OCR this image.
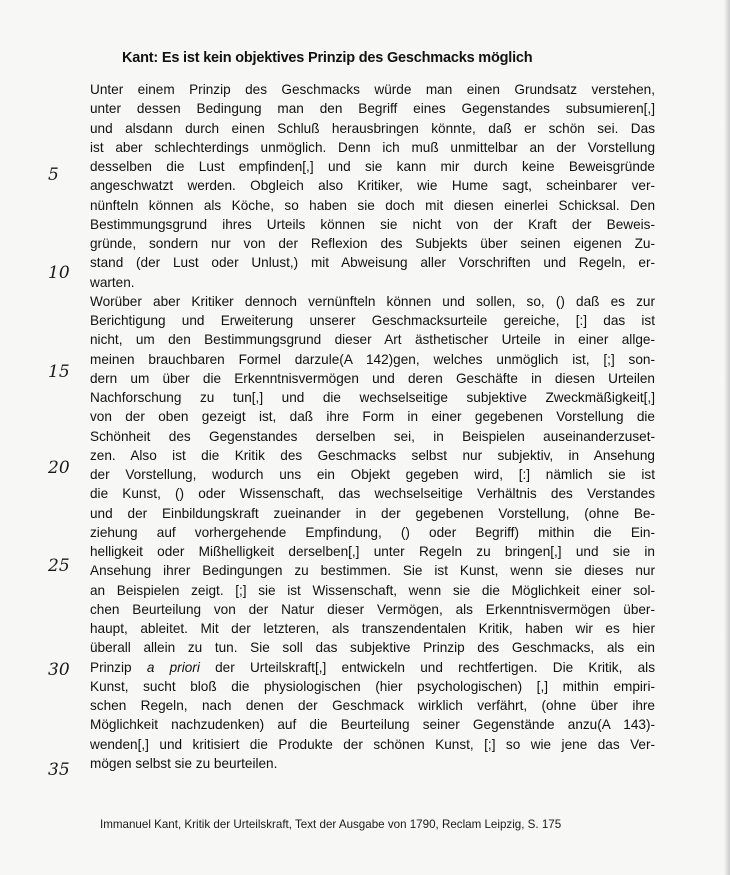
Kant: Es ist kein objektives Prinzip des Geschmacks möglich
Unter einem Prinzip des Geschmacks würde man einen Grundsatz verstehen,
unter dessen Bedingung man den Begriff eines Gegenstandes subsumieren[,]
und alsdann durch einen Schluß herausbringen könnte, daß er schön sei. Das
ist aber schlechterdings unmöglich. Denn ich muß unmittelbar an der Vorstellung
desselben die Lust empfinden[,] und sie kann mir durch keine Beweisgründe
angeschwatzt werden. Obgleich also Kritiker, wie Hume sagt, scheinbarer ver-
nünfteln können als Köche, so haben sie doch mit diesen einerlei Schicksal. Den
Bestimmungsgrund ihres Urteils können sie nicht von der Kraft der Beweis-
gründe, sondern nur von der Reflexion des Subjekts über seinen eigenen Zu-
stand (der Lust oder Unlust,) mit Abweisung aller Vorschriften und Regeln, er-
warten.
Worüber aber Kritiker dennoch vernünfteln können und sollen, so, () daß es zur
Berichtigung und Erweiterung unserer Geschmacksurteile gereiche, [:] das ist
nicht, um den Bestimmungsgrund dieser Art ästhetischer Urteile in einer allge-
meinen brauchbaren Formel darzule(A 142)gen, welches unmöglich ist, [;] son-
dern um über die Erkenntnisvermögen und deren Geschäfte in diesen Urteilen
Nachforschung zu tun[,] und die wechselseitige subjektive Zweckmäßigkeit[,]
von der oben gezeigt ist, daß ihre Form in einer gegebenen Vorstellung die
Schönheit des Gegenstandes derselben sei, in Beispielen auseinanderzuset-
zen. Also ist die Kritik des Geschmacks selbst nur subjektiv, in Ansehung
der Vorstellung, wodurch uns ein Objekt gegeben wird, [:] nämlich sie ist
die Kunst, () oder Wissenschaft, das wechselseitige Verhältnis des Verstandes
und der Einbildungskraft zueinander in der gegebenen Vorstellung, (ohne Be-
ziehung auf vorhergehende Empfindung, () oder Begriff) mithin die Ein-
helligkeit oder Mißhelligkeit derselben[,] unter Regeln zu bringen[,] und sie in
Ansehung ihrer Bedingungen zu bestimmen. Sie ist Kunst, wenn sie dieses nur
an Beispielen zeigt. [;] sie ist Wissenschaft, wenn sie die Möglichkeit einer sol-
chen Beurteilung von der Natur dieser Vermögen, als Erkenntnisvermögen über-
haupt, ableitet. Mit der letzteren, als transzendentalen Kritik, haben wir es hier
überall allein zu tun. Sie soll das subjektive Prinzip des Geschmacks, als ein
Prinzip a priori der Urteilskraft[,] entwickeln und rechtfertigen. Die Kritik, als
Kunst, sucht bloß die physiologischen (hier psychologischen) [,] mithin empiri-
schen Regeln, nach denen der Geschmack wirklich verfährt, (ohne über ihre
Möglichkeit nachzudenken) auf die Beurteilung seiner Gegenstände anzu(A 143)-
wenden[,] und kritisiert die Produkte der schönen Kunst, [;] so wie jene das Ver-
mögen selbst sie zu beurteilen.
5
10
15
20
25
30
35
Immanuel Kant, Kritik der Urteilskraft, Text der Ausgabe von 1790, Reclam Leipzig, S. 175
